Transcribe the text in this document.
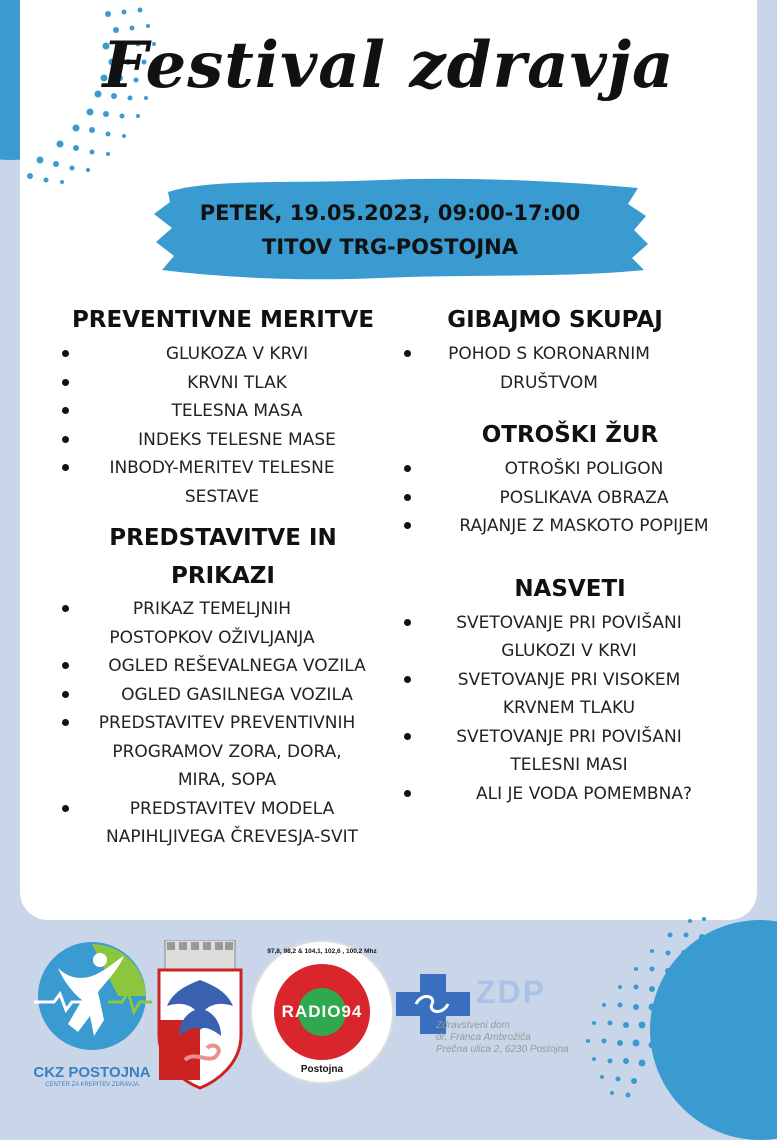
Festival zdravja
PETEK, 19.05.2023, 09:00-17:00
TITOV TRG-POSTOJNA
PREVENTIVNE MERITVE
GLUKOZA V KRVI
KRVNI TLAK
TELESNA MASA
INDEKS TELESNE MASE
INBODY-MERITEV TELESNE SESTAVE
PREDSTAVITVE IN PRIKAZI
PRIKAZ TEMELJNIH POSTOPKOV OŽIVLJANJA
OGLED REŠEVALNEGA VOZILA
OGLED GASILNEGA VOZILA
PREDSTAVITEV PREVENTIVNIH PROGRAMOV ZORA, DORA, MIRA, SOPA
PREDSTAVITEV MODELA NAPIHLJIVEGA ČREVESJA-SVIT
GIBAJMO SKUPAJ
POHOD S KORONARNIM DRUŠTVOM
OTROŠKI ŽUR
OTROŠKI POLIGON
POSLIKAVA OBRAZA
RAJANJE Z MASKOTO POPIJEM
NASVETI
SVETOVANJE PRI POVIŠANI GLUKOZI V KRVI
SVETOVANJE PRI VISOKEM KRVNEM TLAKU
SVETOVANJE PRI POVIŠANI TELESNI MASI
ALI JE VODA POMEMBNA?
CKZ POSTOJNA
CENTER ZA KREPITEV ZDRAVJA
97,8, 98,2 & 104,1, 102,6 , 100,2 Mhz
RADIO94
Postojna
ZDP
Zdravstveni dom
dr. Franca Ambrožiča
Prečna ulica 2, 6230 Postojna
